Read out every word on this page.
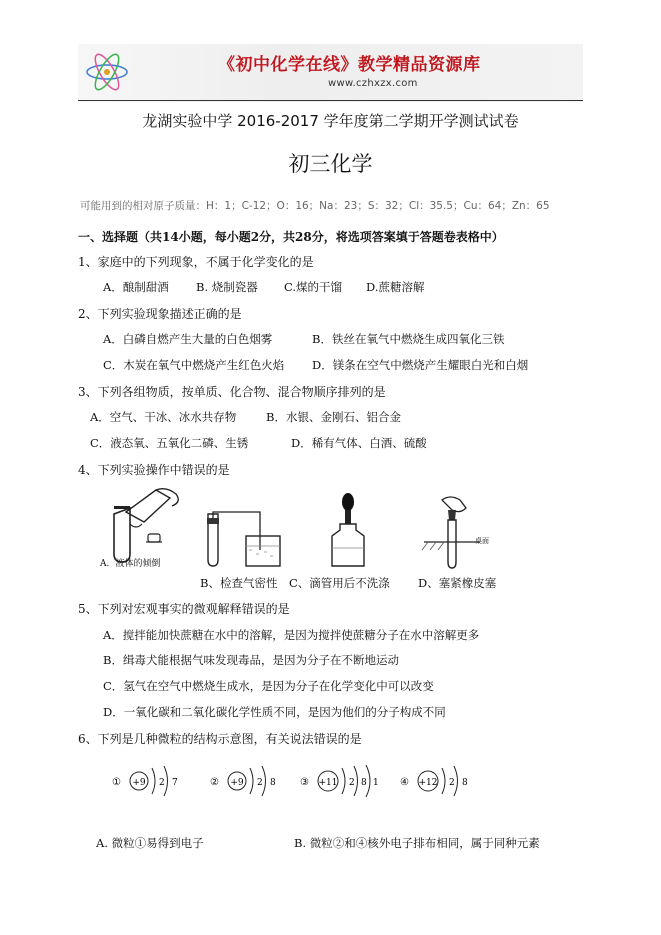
《初中化学在线》教学精品资源库
www.czhxzx.com
龙湖实验中学 2016-2017 学年度第二学期开学测试试卷
初三化学
可能用到的相对原子质量：H：1；C-12；O：16；Na：23；S：32；Cl：35.5；Cu：64；Zn：65
一、选择题（共14小题，每小题2分，共28分，将选项答案填于答题卷表格中）
1、家庭中的下列现象，不属于化学变化的是
A．酿制甜酒 B. 烧制瓷器 C.煤的干馏 D.蔗糖溶解
2、下列实验现象描述正确的是
A．白磷自燃产生大量的白色烟雾	B．铁丝在氧气中燃烧生成四氧化三铁
C．木炭在氧气中燃烧产生红色火焰 D．镁条在空气中燃烧产生耀眼白光和白烟
3、下列各组物质，按单质、化合物、混合物顺序排列的是
A．空气、干冰、冰水共存物	B．水银、金刚石、铝合金
C．液态氧、五氧化二磷、生锈	D．稀有气体、白酒、硫酸
4、下列实验操作中错误的是
A．液体的倾倒
桌面
B、检查气密性 C、滴管用后不洗涤 D、塞紧橡皮塞
5、下列对宏观事实的微观解释错误的是
A．搅拌能加快蔗糖在水中的溶解，是因为搅拌使蔗糖分子在水中溶解更多
B．缉毒犬能根据气味发现毒品，是因为分子在不断地运动
C．氢气在空气中燃烧生成水，是因为分子在化学变化中可以改变
D．一氧化碳和二氧化碳化学性质不同，是因为他们的分子构成不同
6、下列是几种微粒的结构示意图，有关说法错误的是
① +9 2 7	② +9 2 8 ③ +11 2 8 1 ④ +12 2 8
A. 微粒①易得到电子	B. 微粒②和④核外电子排布相同，属于同种元素
